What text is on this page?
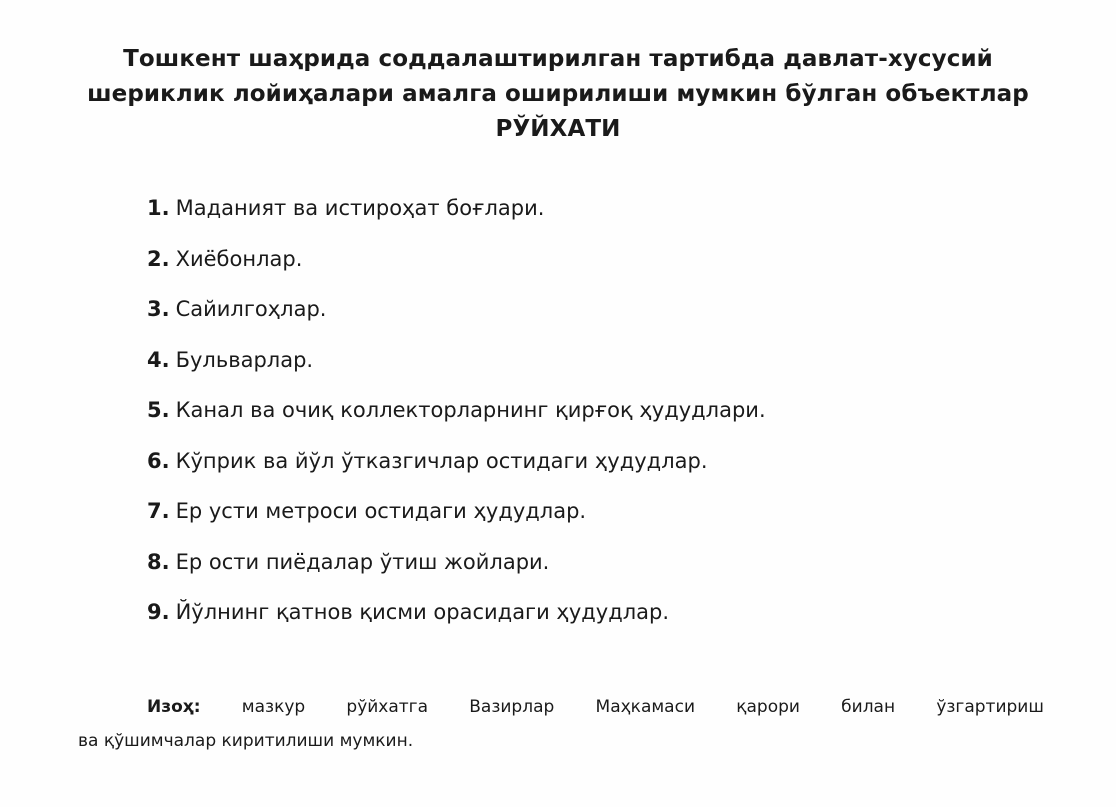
Тошкент шаҳрида соддалаштирилган тартибда давлат-хусусий
шериклик лойиҳалари амалга оширилиши мумкин бўлган объектлар
РЎЙХАТИ
1. Маданият ва истироҳат боғлари.
2. Хиёбонлар.
3. Сайилгоҳлар.
4. Бульварлар.
5. Канал ва очиқ коллекторларнинг қирғоқ ҳудудлари.
6. Кўприк ва йўл ўтказгичлар остидаги ҳудудлар.
7. Ер усти метроси остидаги ҳудудлар.
8. Ер ости пиёдалар ўтиш жойлари.
9. Йўлнинг қатнов қисми орасидаги ҳудудлар.
Изоҳ: мазкур рўйхатга Вазирлар Маҳкамаси қарори билан ўзгартириш
ва қўшимчалар киритилиши мумкин.
